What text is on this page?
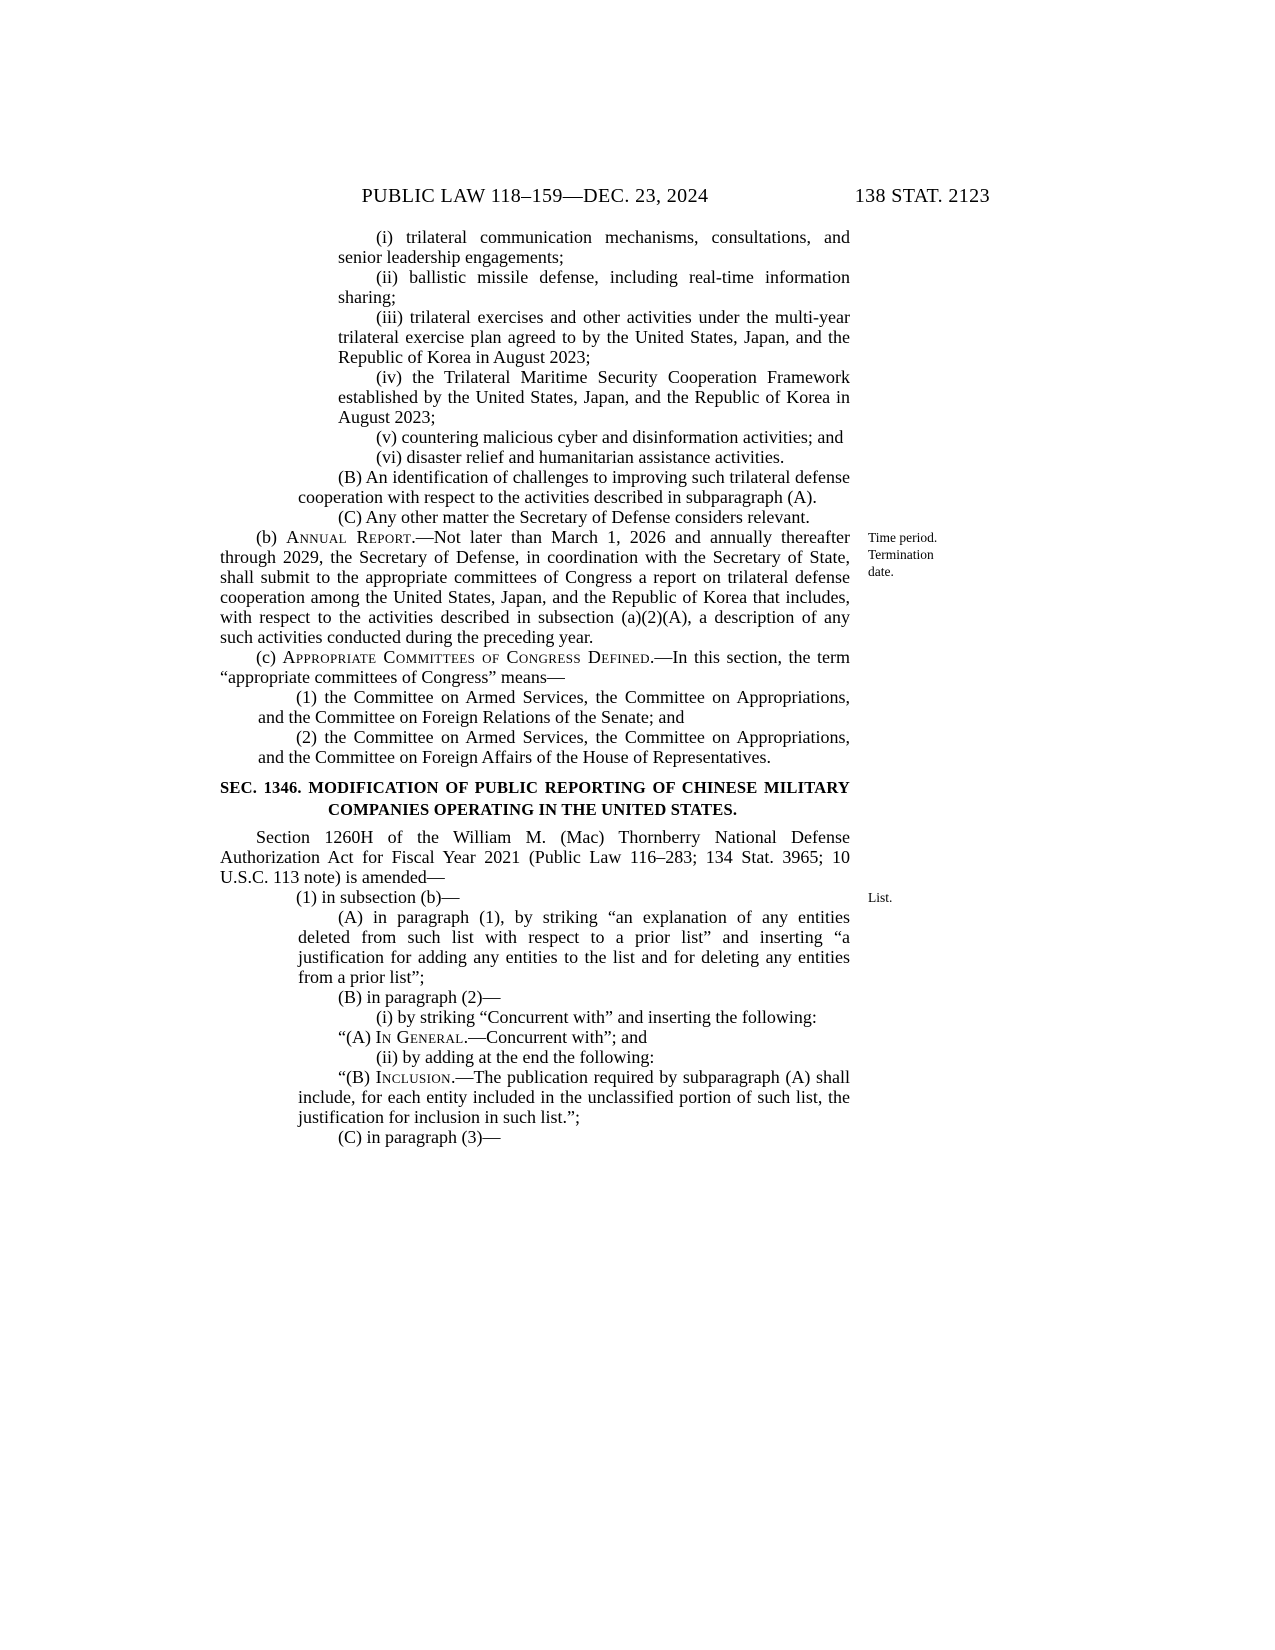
PUBLIC LAW 118–159—DEC. 23, 2024	138 STAT. 2123

(i) trilateral communication mechanisms, consultations, and senior leadership engagements;

(ii) ballistic missile defense, including real-time information sharing;

(iii) trilateral exercises and other activities under the multi-year trilateral exercise plan agreed to by the United States, Japan, and the Republic of Korea in August 2023;

(iv) the Trilateral Maritime Security Cooperation Framework established by the United States, Japan, and the Republic of Korea in August 2023;

(v) countering malicious cyber and disinformation activities; and

(vi) disaster relief and humanitarian assistance activities.

(B) An identification of challenges to improving such trilateral defense cooperation with respect to the activities described in subparagraph (A).

(C) Any other matter the Secretary of Defense considers relevant.

(b) Annual Report.—Not later than March 1, 2026 and annually thereafter through 2029, the Secretary of Defense, in coordination with the Secretary of State, shall submit to the appropriate committees of Congress a report on trilateral defense cooperation among the United States, Japan, and the Republic of Korea that includes, with respect to the activities described in subsection (a)(2)(A), a description of any such activities conducted during the preceding year.
Time period.
Termination date.

(c) Appropriate Committees of Congress Defined.—In this section, the term “appropriate committees of Congress” means—

(1) the Committee on Armed Services, the Committee on Appropriations, and the Committee on Foreign Relations of the Senate; and

(2) the Committee on Armed Services, the Committee on Appropriations, and the Committee on Foreign Affairs of the House of Representatives.

SEC. 1346. MODIFICATION OF PUBLIC REPORTING OF CHINESE MILITARY COMPANIES OPERATING IN THE UNITED STATES.

Section 1260H of the William M. (Mac) Thornberry National Defense Authorization Act for Fiscal Year 2021 (Public Law 116–283; 134 Stat. 3965; 10 U.S.C. 113 note) is amended—

(1) in subsection (b)—	List.

(A) in paragraph (1), by striking “an explanation of any entities deleted from such list with respect to a prior list” and inserting “a justification for adding any entities to the list and for deleting any entities from a prior list”;

(B) in paragraph (2)—

(i) by striking “Concurrent with” and inserting the following:

“(A) In General.—Concurrent with”; and

(ii) by adding at the end the following:

“(B) Inclusion.—The publication required by subparagraph (A) shall include, for each entity included in the unclassified portion of such list, the justification for inclusion in such list.”;

(C) in paragraph (3)—
